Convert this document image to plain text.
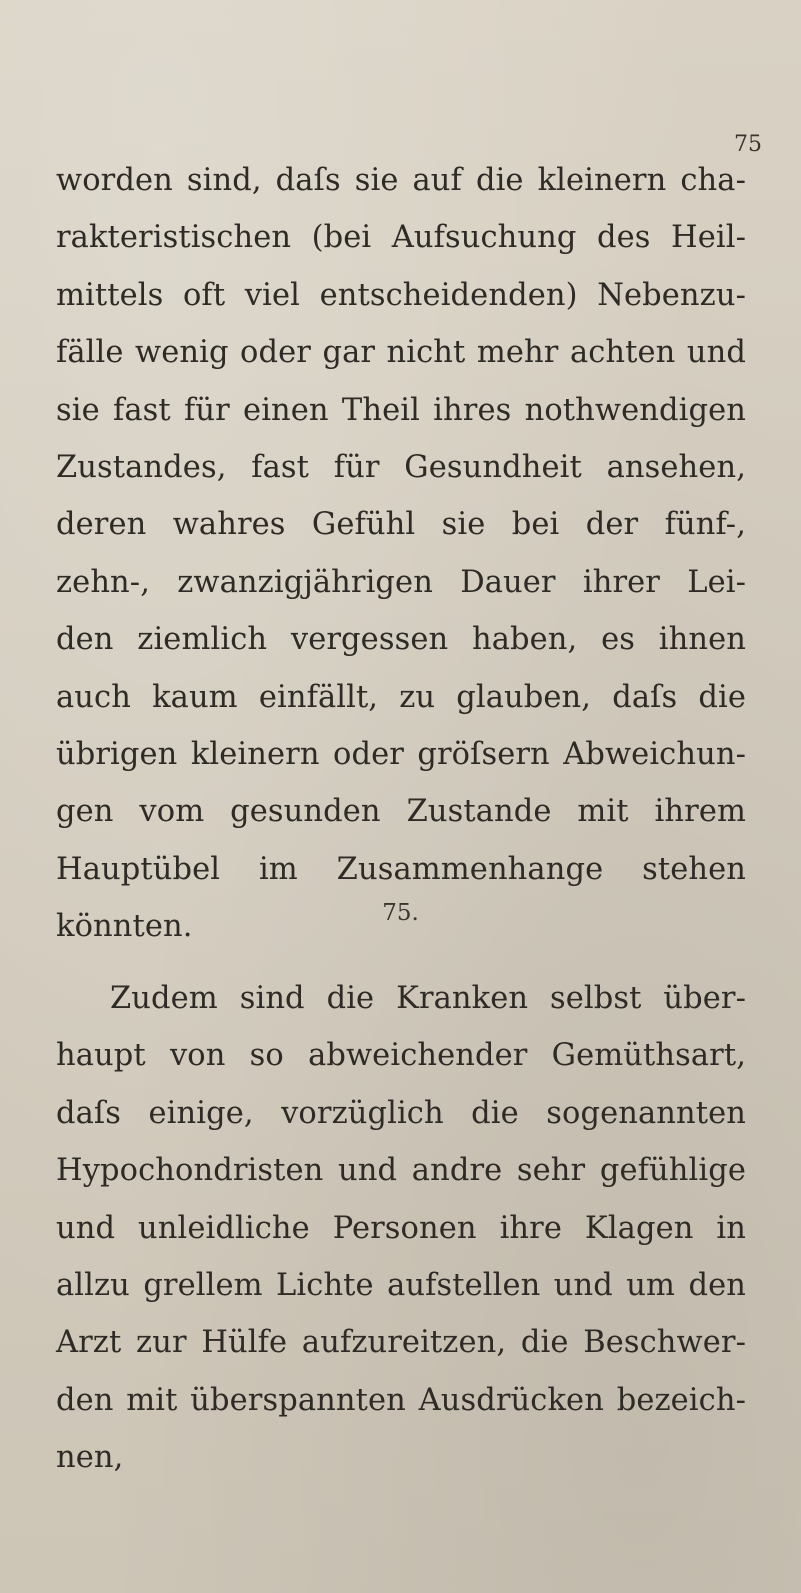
75
worden sind, daſs sie auf die kleinern cha-
rakteristischen (bei Aufsuchung des Heil-
mittels oft viel entscheidenden) Nebenzu-
fälle wenig oder gar nicht mehr achten und
sie fast für einen Theil ihres nothwendigen
Zustandes, fast für Gesundheit ansehen,
deren wahres Gefühl sie bei der fünf-,
zehn-, zwanzigjährigen Dauer ihrer Lei-
den ziemlich vergessen haben, es ihnen
auch kaum einfällt, zu glauben, daſs die
übrigen kleinern oder gröſsern Abweichun-
gen vom gesunden Zustande mit ihrem
Hauptübel im Zusammenhange stehen
könnten.	75.
Zudem sind die Kranken selbst über-
haupt von so abweichender Gemüthsart,
daſs einige, vorzüglich die sogenannten
Hypochondristen und andre sehr gefühlige
und unleidliche Personen ihre Klagen in
allzu grellem Lichte aufstellen und um den
Arzt zur Hülfe aufzureitzen, die Beschwer-
den mit überspannten Ausdrücken bezeich-
nen,
